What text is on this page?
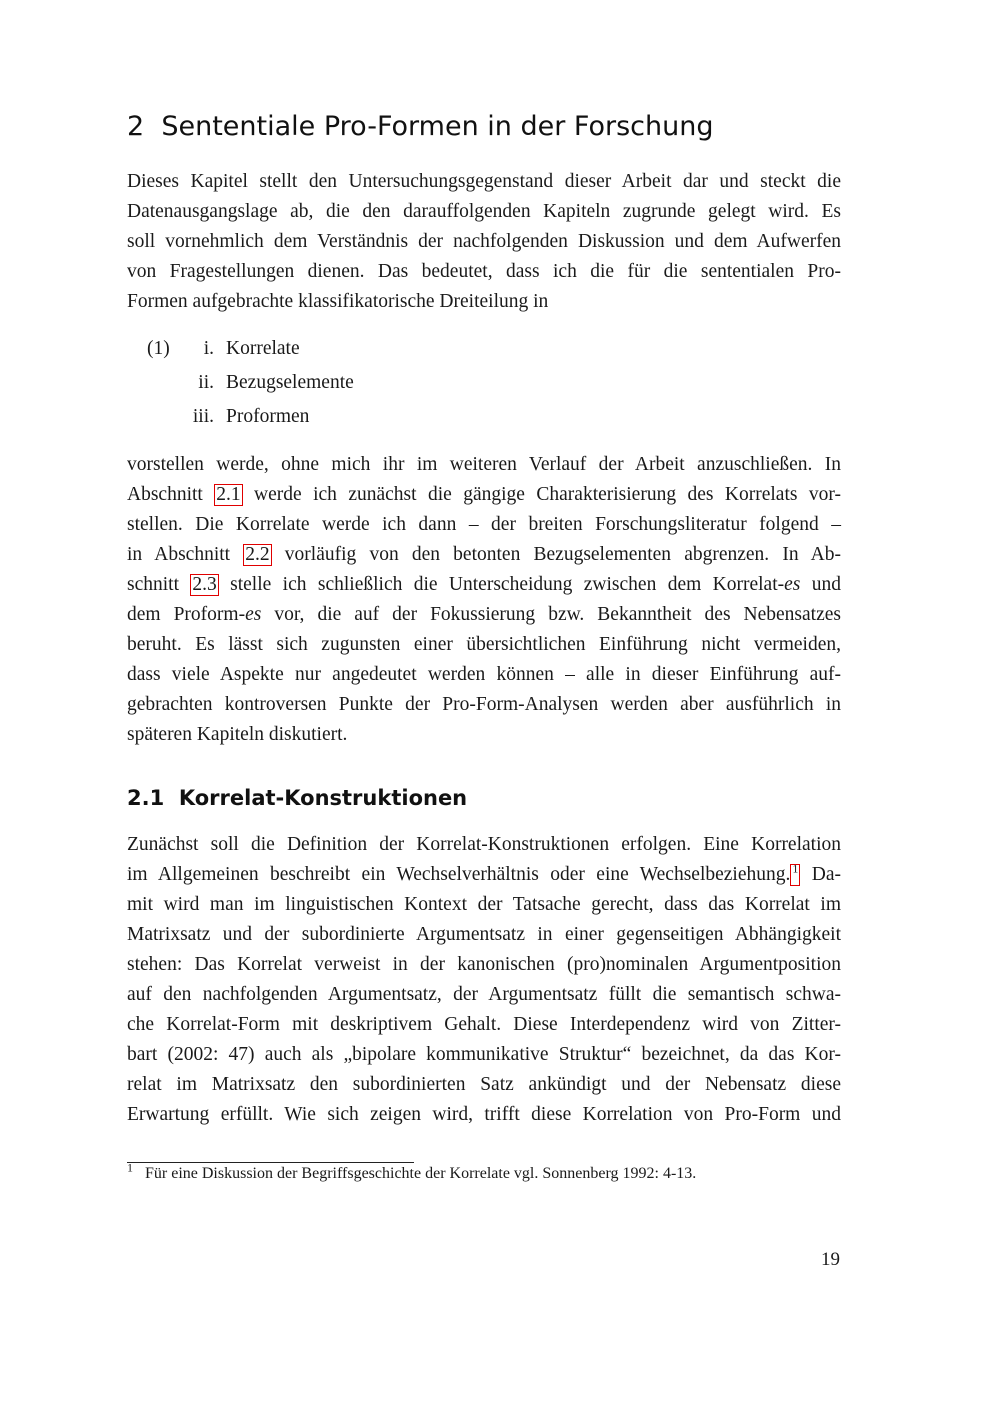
2 Sententiale Pro-Formen in der Forschung
Dieses Kapitel stellt den Untersuchungsgegenstand dieser Arbeit dar und steckt die
Datenausgangslage ab, die den darauffolgenden Kapiteln zugrunde gelegt wird. Es
soll vornehmlich dem Verständnis der nachfolgenden Diskussion und dem Aufwerfen
von Fragestellungen dienen. Das bedeutet, dass ich die für die sententialen Pro-
Formen aufgebrachte klassifikatorische Dreiteilung in
(1)	i. Korrelate
ii. Bezugselemente
iii. Proformen
vorstellen werde, ohne mich ihr im weiteren Verlauf der Arbeit anzuschließen. In
Abschnitt 2.1 werde ich zunächst die gängige Charakterisierung des Korrelats vor-
stellen. Die Korrelate werde ich dann – der breiten Forschungsliteratur folgend –
in Abschnitt 2.2 vorläufig von den betonten Bezugselementen abgrenzen. In Ab-
schnitt 2.3 stelle ich schließlich die Unterscheidung zwischen dem Korrelat-es und
dem Proform-es vor, die auf der Fokussierung bzw. Bekanntheit des Nebensatzes
beruht. Es lässt sich zugunsten einer übersichtlichen Einführung nicht vermeiden,
dass viele Aspekte nur angedeutet werden können – alle in dieser Einführung auf-
gebrachten kontroversen Punkte der Pro-Form-Analysen werden aber ausführlich in
späteren Kapiteln diskutiert.
2.1 Korrelat-Konstruktionen
Zunächst soll die Definition der Korrelat-Konstruktionen erfolgen. Eine Korrelation
im Allgemeinen beschreibt ein Wechselverhältnis oder eine Wechselbeziehung. $^1$ Da-
mit wird man im linguistischen Kontext der Tatsache gerecht, dass das Korrelat im
Matrixsatz und der subordinierte Argumentsatz in einer gegenseitigen Abhängigkeit
stehen: Das Korrelat verweist in der kanonischen (pro)nominalen Argumentposition
auf den nachfolgenden Argumentsatz, der Argumentsatz füllt die semantisch schwa-
che Korrelat-Form mit deskriptivem Gehalt. Diese Interdependenz wird von Zitter-
bart (2002: 47) auch als „bipolare kommunikative Struktur“ bezeichnet, da das Kor-
relat im Matrixsatz den subordinierten Satz ankündigt und der Nebensatz diese
Erwartung erfüllt. Wie sich zeigen wird, trifft diese Korrelation von Pro-Form und
$^1$ Für eine Diskussion der Begriffsgeschichte der Korrelate vgl. Sonnenberg 1992: 4-13.
19
